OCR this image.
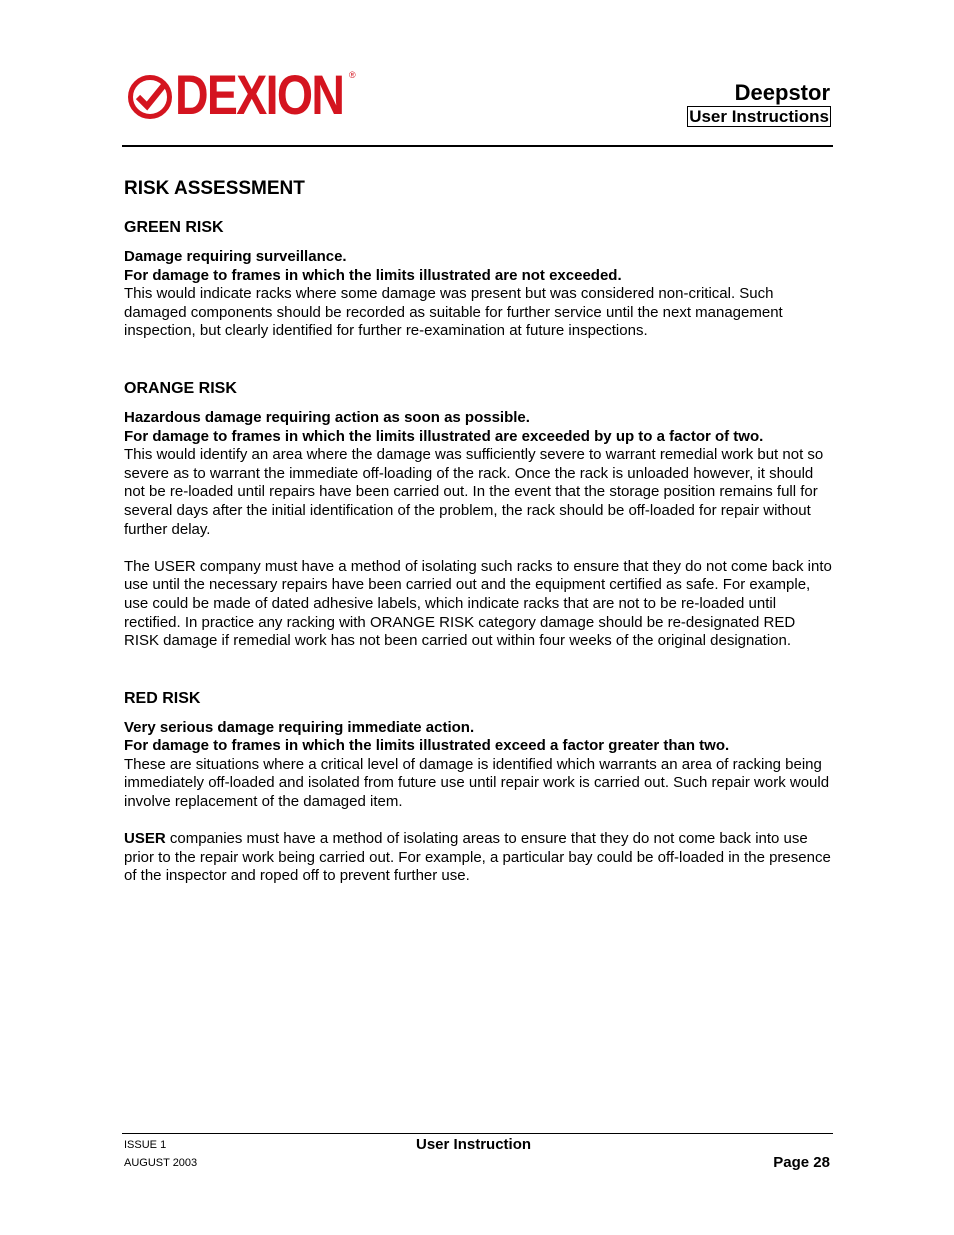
DEXION ®
Deepstor
User Instructions
RISK ASSESSMENT
GREEN RISK

Damage requiring surveillance.

For damage to frames in which the limits illustrated are not exceeded.

This would indicate racks where some damage was present but was considered non-critical. Such damaged components should be recorded as suitable for further service until the next management inspection, but clearly identified for further re-examination at future inspections.

ORANGE RISK

Hazardous damage requiring action as soon as possible.

For damage to frames in which the limits illustrated are exceeded by up to a factor of two.

This would identify an area where the damage was sufficiently severe to warrant remedial work but not so severe as to warrant the immediate off-loading of the rack. Once the rack is unloaded however, it should not be re-loaded until repairs have been carried out. In the event that the storage position remains full for several days after the initial identification of the problem, the rack should be off-loaded for repair without further delay.

The USER company must have a method of isolating such racks to ensure that they do not come back into use until the necessary repairs have been carried out and the equipment certified as safe. For example, use could be made of dated adhesive labels, which indicate racks that are not to be re-loaded until rectified. In practice any racking with ORANGE RISK category damage should be re-designated RED RISK damage if remedial work has not been carried out within four weeks of the original designation.

RED RISK

Very serious damage requiring immediate action.

For damage to frames in which the limits illustrated exceed a factor greater than two.

These are situations where a critical level of damage is identified which warrants an area of racking being immediately off-loaded and isolated from future use until repair work is carried out. Such repair work would involve replacement of the damaged item.

USER companies must have a method of isolating areas to ensure that they do not come back into use prior to the repair work being carried out. For example, a particular bay could be off-loaded in the presence of the inspector and roped off to prevent further use.

ISSUE 1
AUGUST 2003
User Instruction
Page 28
